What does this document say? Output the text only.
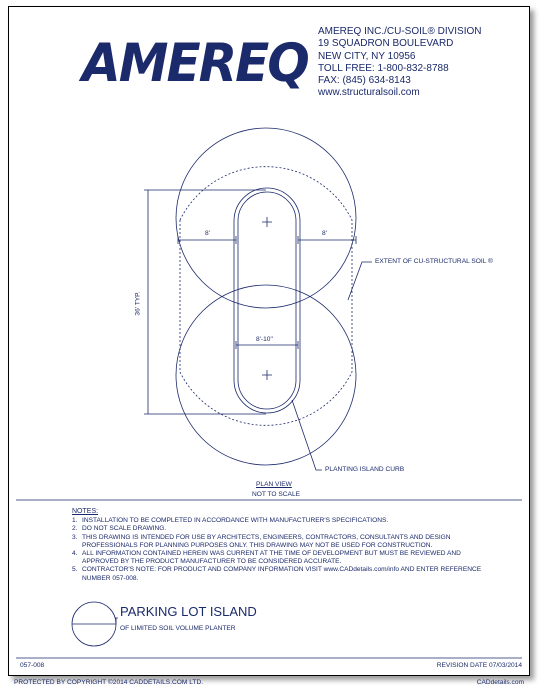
AMEREQ
AMEREQ INC./CU-SOIL® DIVISION
19 SQUADRON BOULEVARD
NEW CITY, NY 10956
TOLL FREE: 1-800-832-8788
FAX: (845) 634-8143
www.structuralsoil.com
8'	8'
8'-10"
36' TYP.
EXTENT OF CU-STRUCTURAL SOIL ®
PLANTING ISLAND CURB
PLAN VIEW
NOT TO SCALE
NOTES:
1. INSTALLATION TO BE COMPLETED IN ACCORDANCE WITH MANUFACTURER'S SPECIFICATIONS.
2. DO NOT SCALE DRAWING.
3. THIS DRAWING IS INTENDED FOR USE BY ARCHITECTS, ENGINEERS, CONTRACTORS, CONSULTANTS AND DESIGN PROFESSIONALS FOR PLANNING PURPOSES ONLY. THIS DRAWING MAY NOT BE USED FOR CONSTRUCTION.
4. ALL INFORMATION CONTAINED HEREIN WAS CURRENT AT THE TIME OF DEVELOPMENT BUT MUST BE REVIEWED AND APPROVED BY THE PRODUCT MANUFACTURER TO BE CONSIDERED ACCURATE.
5. CONTRACTOR'S NOTE: FOR PRODUCT AND COMPANY INFORMATION VISIT www.CADdetails.com/info AND ENTER REFERENCE NUMBER 057-008.
PARKING LOT ISLAND
OF LIMITED SOIL VOLUME PLANTER
057-008	REVISION DATE 07/03/2014
PROTECTED BY COPYRIGHT ©2014 CADDETAILS.COM LTD.	CADdetails.com
